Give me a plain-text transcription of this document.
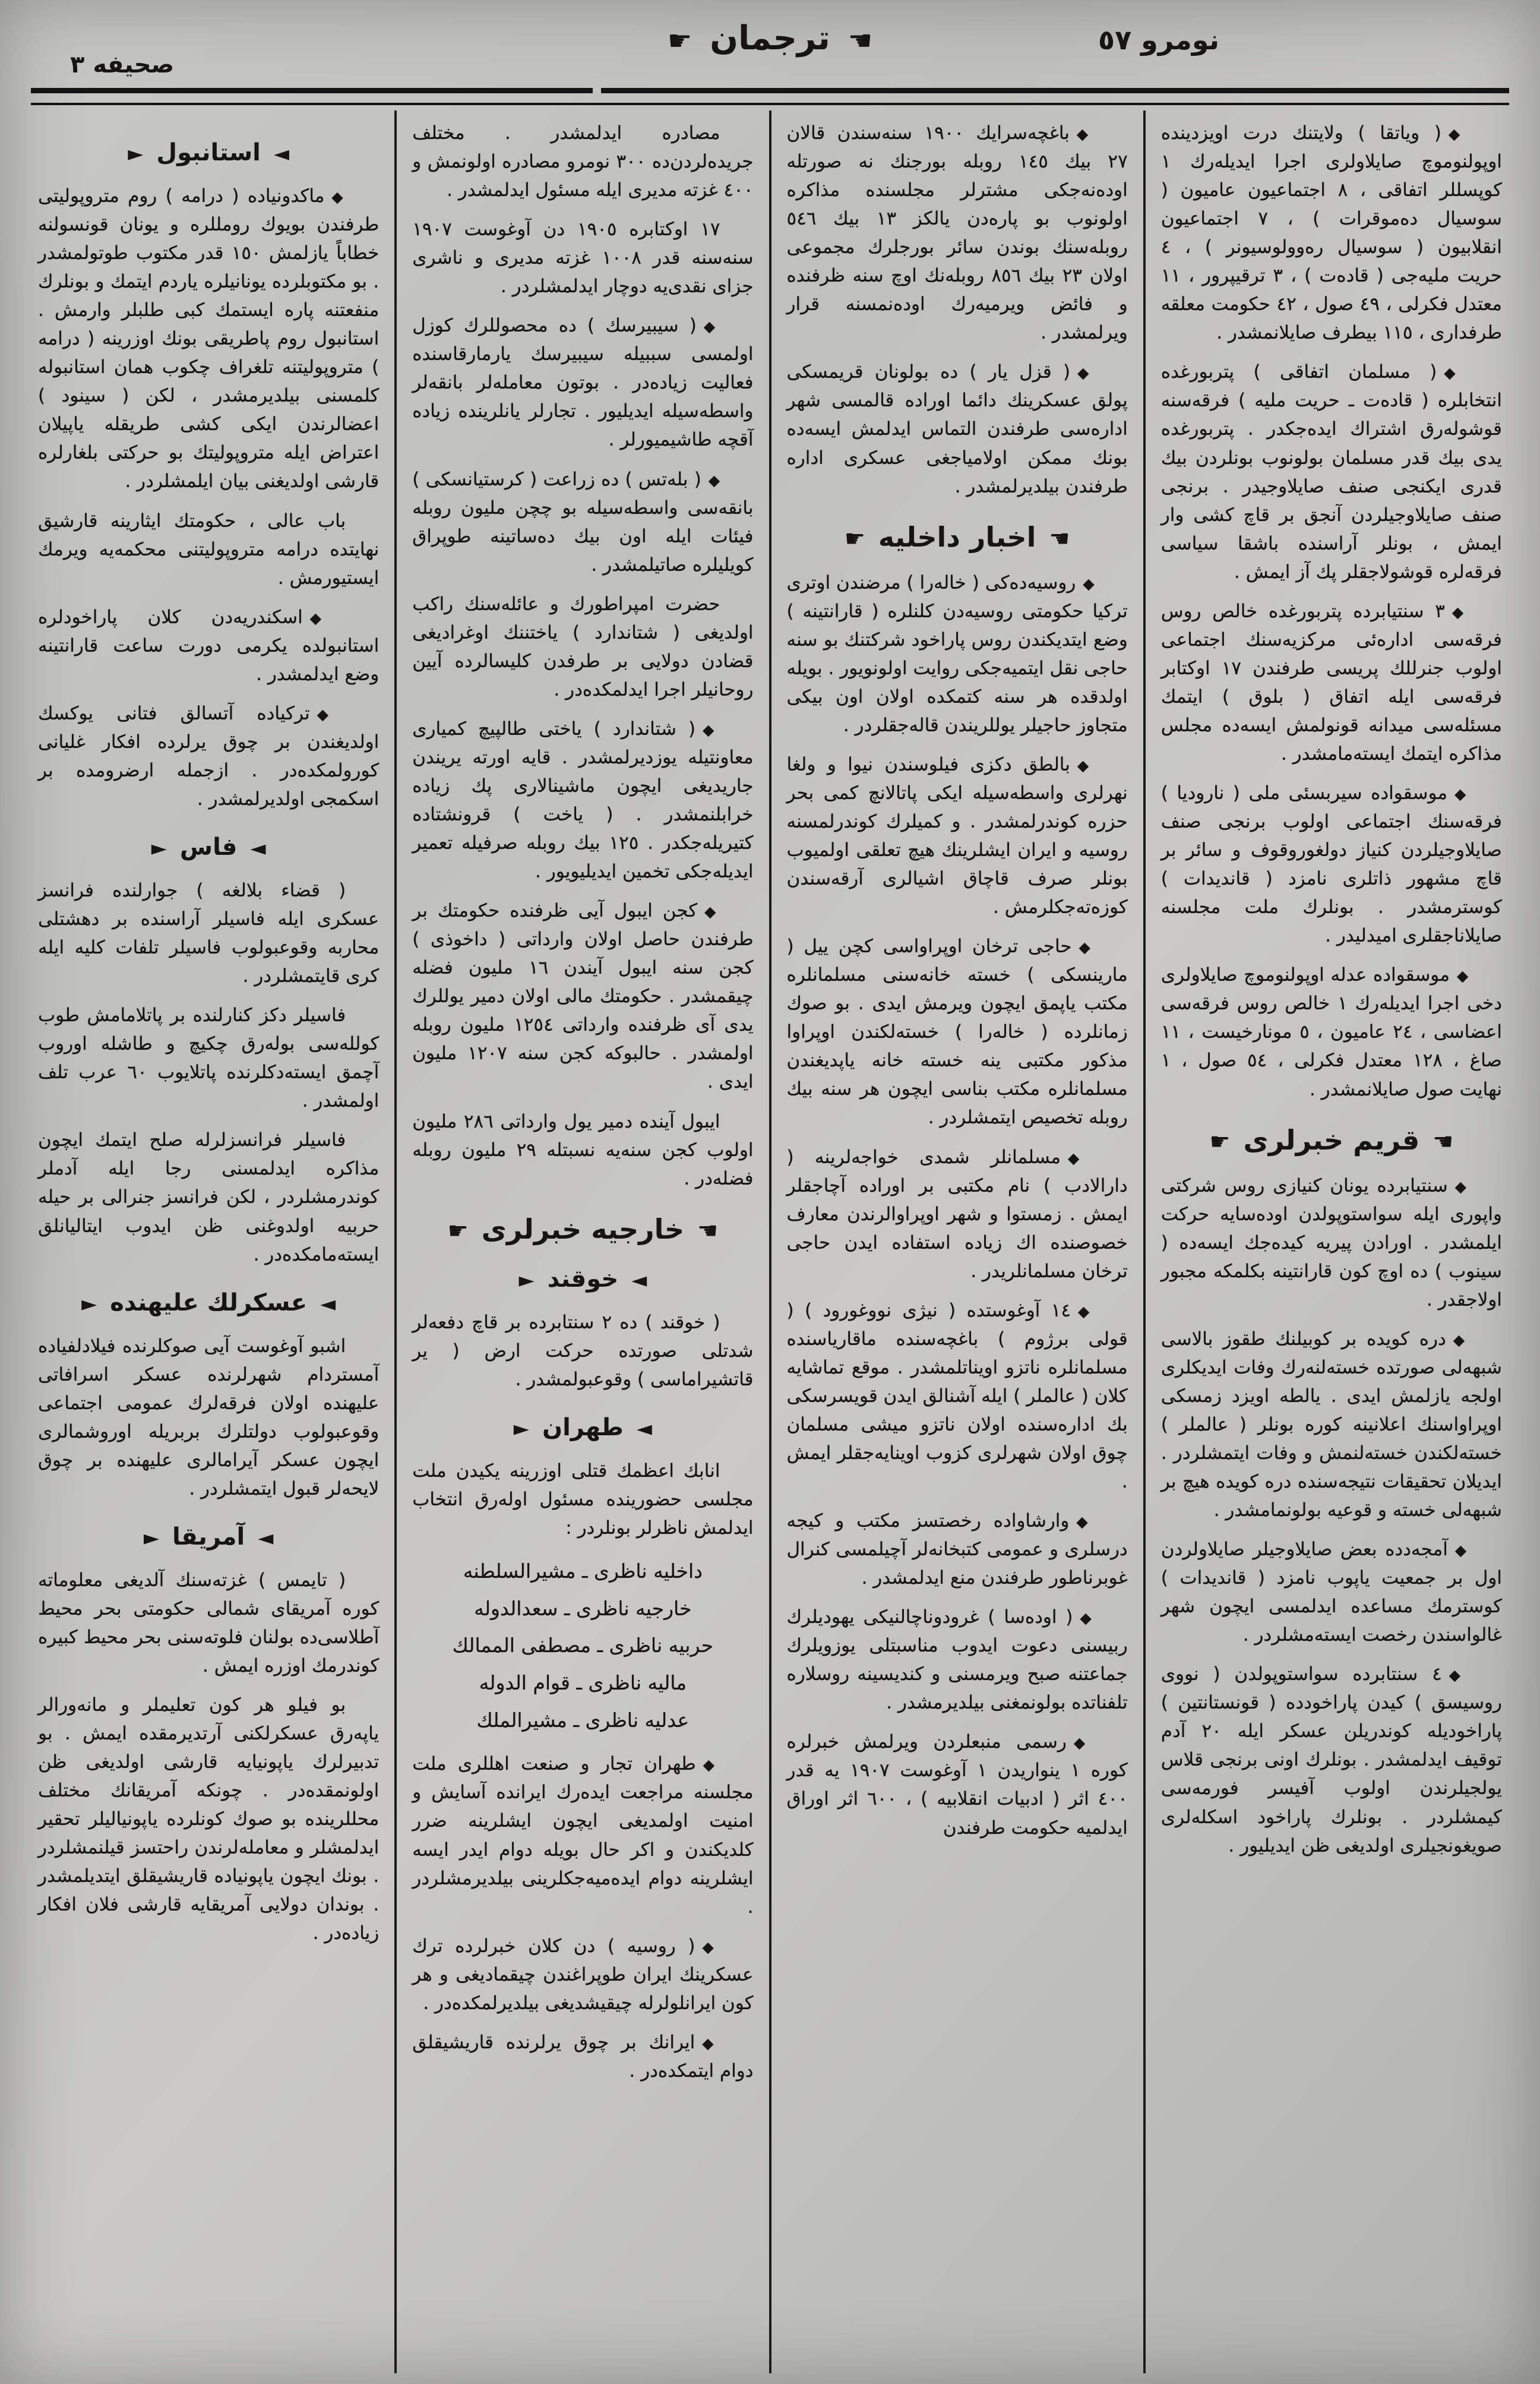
نومرو ٥٧
☚ترجمان☛
صحیفه ٣

◆( ویاتقا ) ولایتنك درت اویزدینده اوپولنوموچ صایلاولری اجرا ایدیلەرك ١ كوپسللر اتفاقی ، ٨ اجتماعیون عامیون ( سوسیال دەموقرات ) ، ٧ اجتماعیون انقلابیون ( سوسیال رەوولوسیونر ) ، ٤ حریت ملیەجی ( قادەت ) ، ٣ ترقیپرور ، ١١ معتدل فكرلی ، ٤٩ صول ، ٤٢ حكومت معلقه طرفداری ، ١١٥ بیطرف صایلانمشدر .

◆( مسلمان اتفاقی ) پتربورغده انتخابلره ( قادەت ـ حریت ملیه ) فرقه‌سنه قوشولەرق اشتراك ایدەجكدر . پتربورغده یدی بیك قدر مسلمان بولونوب بونلردن بیك قدری ایكنجی صنف صایلاوجیدر . برنجی صنف صایلاوجیلردن آنجق بر قاچ كشی وار ایمش ، بونلر آراسنده باشقا سیاسی فرقه‌لره قوشولاجقلر پك آز ایمش .

◆٣ سنتیابرده پتربورغده خالص روس فرقه‌سی اداره‌ئی مركزیه‌سنك اجتماعی اولوب جنرللك پریسی طرفندن ١٧ اوكتابر فرقه‌سی ایله اتفاق ( بلوق ) ایتمك مسئله‌سی میدانه قونولمش ایسه‌ده مجلس مذاكره ایتمك ایسته‌مامشدر .

◆موسقواده سیربسئی ملی ( نارودیا ) فرقه‌سنك اجتماعی اولوب برنجی صنف صایلاوجیلردن كنیاز دولغوروقوف و سائر بر قاچ مشهور ذاتلری نامزد ( قاندیدات ) كوسترمشدر . بونلرك ملت مجلسنه صایلاناجقلری امیدلیدر .

◆موسقواده عدله اوپولنوموچ صایلاولری دخی اجرا ایدیلەرك ١ خالص روس فرقه‌سی اعضاسی ، ٢٤ عامیون ، ٥ مونارخیست ، ١١ صاغ ، ١٢٨ معتدل فكرلی ، ٥٤ صول ، ١ نهایت صول صایلانمشدر .

☚قریم خبرلری☛

◆سنتیابرده یونان كنیازی روس شركتی واپوری ایله سواستوپولدن اوده‌سایه حركت ایلمشدر . اورادن پیریه كیده‌جك ایسه‌ده ( سینوب ) ده اوچ كون قارانتینه بكلمكه مجبور اولاجقدر .

◆دره كویده بر كوبیلنك طقوز بالاسی شبهه‌لی صورتده خسته‌لنەرك وفات ایدیكلری اولجه یازلمش ایدی . یالطه اویزد زمسكی اوپراواسنك اعلانینه كوره بونلر ( عالملر ) خسته‌لكندن خسته‌لنمش و وفات ایتمشلردر . ایدیلان تحقیقات نتیجه‌سنده دره كویده هیچ بر شبهه‌لی خسته و قوعیه بولونمامشدر .

◆آمجەدده بعض صایلاوجیلر صایلاولردن اول بر جمعیت یاپوب نامزد ( قاندیدات ) كوسترمك مساعده ایدلمسی ایچون شهر غالواسندن رخصت ایسته‌مشلردر .

◆٤ سنتابرده سواستوپولدن ( نووی روسیسق ) كیدن پاراخودده ( قونستانتین ) پاراخودیله كوندریلن عسكر ایله ٢٠ آدم توقیف ایدلمشدر . بونلرك اونی برنجی قلاس یولجیلرندن اولوب آفیسر فورمه‌سی كیمشلردر . بونلرك پاراخود اسكله‌لری صویغونجیلری اولدیغی ظن ایدیلیور .

◆باغچه‌سرایك ١٩٠٠ سنه‌سندن قالان ٢٧ بیك ١٤٥ روبله بورجنك نه صورتله اوده‌نه‌جكی مشترلر مجلسنده مذاكره اولونوب بو پارەدن یالكز ١٣ بیك ٥٤٦ روبله‌سنك بوندن سائر بورجلرك مجموعی اولان ٢٣ بیك ٨٥٦ روبله‌نك اوچ سنه ظرفنده و فائض ویرمیەرك اوده‌نمسنه قرار ویرلمشدر .

◆( قزل یار ) ده بولونان قریمسكی پولق عسكرینك دائما اوراده قالمسی شهر اداره‌سی طرفندن التماس ایدلمش ایسه‌ده بونك ممكن اولامیاجغی عسكری اداره طرفندن بیلدیرلمشدر .

☚اخبار داخلیه☛

◆روسیه‌دەكی ( خاله‌را ) مرضندن اوتری تركیا حكومتی روسیه‌دن كلنلره ( قارانتینه ) وضع ایتدیكندن روس پاراخود شركتنك بو سنه حاجی نقل ایتمیه‌جكی روایت اولونویور . بویله اولدقده هر سنه كتمكده اولان اون بیكی متجاوز حاجیلر یوللریندن قالەجقلردر .

◆بالطق دكزی فیلوسندن نیوا و ولغا نهرلری واسطه‌سیله ایكی پاتالانچ كمی بحر حزره كوندرلمشدر . و كمیلرك كوندرلمسنه روسیه و ایران ایشلرینك هیچ تعلقی اولمیوب بونلر صرف قاچاق اشیالری آرقه‌سندن كوزەتەجكلرمش .

◆حاجی ترخان اوپراواسی كچن ییل ( مارینسكی ) خسته خانه‌سنی مسلمانلره مكتب یاپمق ایچون ویرمش ایدی . بو صوك زمانلرده ( خاله‌را ) خسته‌لكندن اوپراوا مذكور مكتبی ینه خسته خانه یاپدیغندن مسلمانلره مكتب بناسی ایچون هر سنه بیك روبله تخصیص ایتمشلردر .

◆مسلمانلر شمدی خواجه‌لرینه ( دارالادب ) نام مكتبی بر اوراده آچاجقلر ایمش . زمستوا و شهر اوپراوالرندن معارف خصوصنده اك زیاده استفاده ایدن حاجی ترخان مسلمانلریدر .

◆١٤ آوغوستده ( نیژی نووغورود ) ( قولی برژوم ) باغچه‌سنده ماقاریاسنده مسلمانلره ناتزو اویناتلمشدر . موقع تماشایه كلان ( عالملر ) ایله آشنالق ایدن قویسرسكی بك اداره‌سنده اولان ناتزو میشی مسلمان چوق اولان شهرلری كزوب اوینایەجقلر ایمش .

◆وارشاواده رخصتسز مكتب و كیجه درسلری و عمومی كتبخانه‌لر آچیلمسی كنرال غوبرناطور طرفندن منع ایدلمشدر .

◆( اوده‌سا ) غرودوناچالنیكی یهودیلرك ربیسنی دعوت ایدوب مناسبتلی یوزویلرك جماعتنه صبح ویرمسنی و كندیسینه روسلاره تلفناتده بولونمغنی بیلدیرمشدر .

◆رسمی منبعلردن ویرلمش خبرلره كوره ١ ینواریدن ١ آوغوست ١٩٠٧ یه قدر ٤٠٠ اثر ( ادبیات انقلابیه ) ، ٦٠٠ اثر اوراق ایدلمیه حكومت طرفندن

مصادره ایدلمشدر . مختلف جریده‌لردن‌ده ٣٠٠ نومرو مصادره اولونمش و ٤٠٠ غزته مدیری ایله مسئول ایدلمشدر .

١٧ اوكتابره ١٩٠٥ دن آوغوست ١٩٠٧ سنه‌سنه قدر ١٠٠٨ غزته مدیری و ناشری جزای نقدی‌یه دوچار ایدلمشلردر .

◆( سیبیرسك ) ده محصوللرك كوزل اولمسی سببیله سیبیرسك یارمارقاسنده فعالیت زیاده‌در . بوتون معامله‌لر بانقه‌لر واسطه‌سیله ایدیلیور . تجارلر یانلرینده زیاده آقچه طاشیمیورلر .

◆( بله‌تس ) ده زراعت ( كرستیانسكی ) بانقه‌سی واسطه‌سیله بو چچن ملیون روبله فیئات ایله اون بیك دەساتینه طوپراق كویلیلره صاتیلمشدر .

حضرت امپراطورك و عائله‌سنك راكب اولدیغی ( شتاندارد ) یاختننك اوغرادیغی قضادن دولایی بر طرفدن كلیسالرده آیین روحانیلر اجرا ایدلمكدەدر .

◆( شتاندارد ) یاختی طالپیچ كمیاری معاونتیله یوزدیرلمشدر . قایه اورته یریندن جاریدیغی ایچون ماشینالاری پك زیاده خرابلنمشدر . ( یاخت ) قرونشتاده كتیریله‌جكدر . ١٢٥ بیك روبله صرفیله تعمیر ایدیله‌جكی تخمین ایدیلیویور .

◆كجن ایبول آیی ظرفنده حكومتك بر طرفندن حاصل اولان وارداتی ( داخوذی ) كجن سنه ایبول آیندن ١٦ ملیون فضله چیقمشدر . حكومتك مالی اولان دمیر یوللرك یدی آی ظرفنده وارداتی ١٢٥٤ ملیون روبله اولمشدر . حالبوكه كجن سنه ١٢٠٧ ملیون ایدی .

ایبول آینده دمیر یول وارداتی ٢٨٦ ملیون اولوب كجن سنه‌یه نسبتله ٢٩ ملیون روبله فضله‌در .

☚خارجیه خبرلری☛
◄خوقند►

( خوقند ) ده ٢ سنتابرده بر قاچ دفعه‌لر شدتلی صورتده حركت ارض ( یر قاتشیراماسی ) وقوعبولمشدر .

◄طهران►

انابك اعظمك قتلی اوزرینه یكیدن ملت مجلسی حضورینده مسئول اولەرق انتخاب ایدلمش ناظرلر بونلردر :

داخلیه ناظری ـ مشیرالسلطنه
خارجیه ناظری ـ سعدالدوله
حربیه ناظری ـ مصطفی الممالك
مالیه ناظری ـ قوام الدوله
عدلیه ناظری ـ مشیرالملك

◆طهران تجار و صنعت اهللری ملت مجلسنه مراجعت ایدەرك ایرانده آسایش و امنیت اولمدیغی ایچون ایشلرینه ضرر كلدیكندن و اكر حال بویله دوام ایدر ایسه ایشلرینه دوام ایده‌میەجكلرینی بیلدیرمشلردر .

◆( روسیه ) دن كلان خبرلرده ترك عسكرینك ایران طوپراغندن چیقمادیغی و هر كون ایرانلولرله چیقیشدیغی بیلدیرلمكده‌در .

◆ایرانك بر چوق یرلرنده قاریشیقلق دوام ایتمكده‌در .

◄استانبول►

◆ماكدونیاده ( درامه ) روم متروپولیتی طرفندن بویوك رومللره و یونان قونسولنه خطاباً یازلمش ١٥٠ قدر مكتوب طوتولمشدر . بو مكتوبلرده یونانیلره یاردم ایتمك و بونلرك منفعتنه پاره ایستمك كبی طلبلر وارمش . استانبول روم پاطریقی بونك اوزرینه ( درامه ) متروپولیتنه تلغراف چكوب همان استانبوله كلمسنی بیلدیرمشدر ، لكن ( سینود ) اعضالرندن ایكی كشی طریقله یاپیلان اعتراض ایله متروپولیتك بو حركتی بلغارلره قارشی اولدیغنی بیان ایلمشلردر .

باب عالی ، حكومتك ایثارینه قارشیق نهایتده درامه متروپولیتنی محكمه‌یه ویرمك ایستیورمش .

◆اسكندریه‌دن كلان پاراخودلره استانبولده یكرمی دورت ساعت قارانتینه وضع ایدلمشدر .

◆تركیاده آتسالق فتانی یوكسك اولدیغندن بر چوق یرلرده افكار غلیانی كورولمكده‌در . ازجمله ارضرومده بر اسكمجی اولدیرلمشدر .

◄فاس►

( قضاء بلالغه ) جوارلنده فرانسز عسكری ایله فاسیلر آراسنده بر دهشتلی محاربه وقوعبولوب فاسیلر تلفات كلیه ایله كری قایتمشلردر .

فاسیلر دكز كنارلنده بر پاتلامامش طوب كوللەسی بولەرق چكیچ و طاشله اوروب آچمق ایسته‌دكلرنده پاتلایوب ٦٠ عرب تلف اولمشدر .

فاسیلر فرانسزلرله صلح ایتمك ایچون مذاكره ایدلمسنی رجا ایله آدملر كوندرمشلردر ، لكن فرانسز جنرالی بر حیله حربیه اولدوغنی ظن ایدوب ایتالیانلق ایسته‌مامكده‌در .

◄عسكرلك علیهنده►

اشبو آوغوست آیی صوكلرنده فیلادلفیاده آمستردام شهرلرنده عسكر اسرافاتی علیهنده اولان فرقه‌لرك عمومی اجتماعی وقوعبولوب دولتلرك بربریله اوروشمالری ایچون عسكر آیرامالری علیهنده بر چوق لایحه‌لر قبول ایتمشلردر .

◄آمریقا►

( تایمس ) غزته‌سنك آلدیغی معلوماته كوره آمریقای شمالی حكومتی بحر محیط آطلاسی‌ده بولنان فلوته‌سنی بحر محیط كبیره كوندرمك اوزره ایمش .

بو فیلو هر كون تعلیملر و مانەورالر یاپەرق عسكرلكنی آرتدیرمقده ایمش . بو تدبیرلرك یاپونیایه قارشی اولدیغی ظن اولونمقده‌در . چونكه آمریقانك مختلف محللرینده بو صوك كونلرده یاپونیالیلر تحقیر ایدلمشلر و معامله‌لرندن راحتسز قیلنمشلردر . بونك ایچون یاپونیاده قاریشیقلق ایتدیلمشدر . بوندان دولایی آمریقایه قارشی فلان افكار زیاده‌در .
